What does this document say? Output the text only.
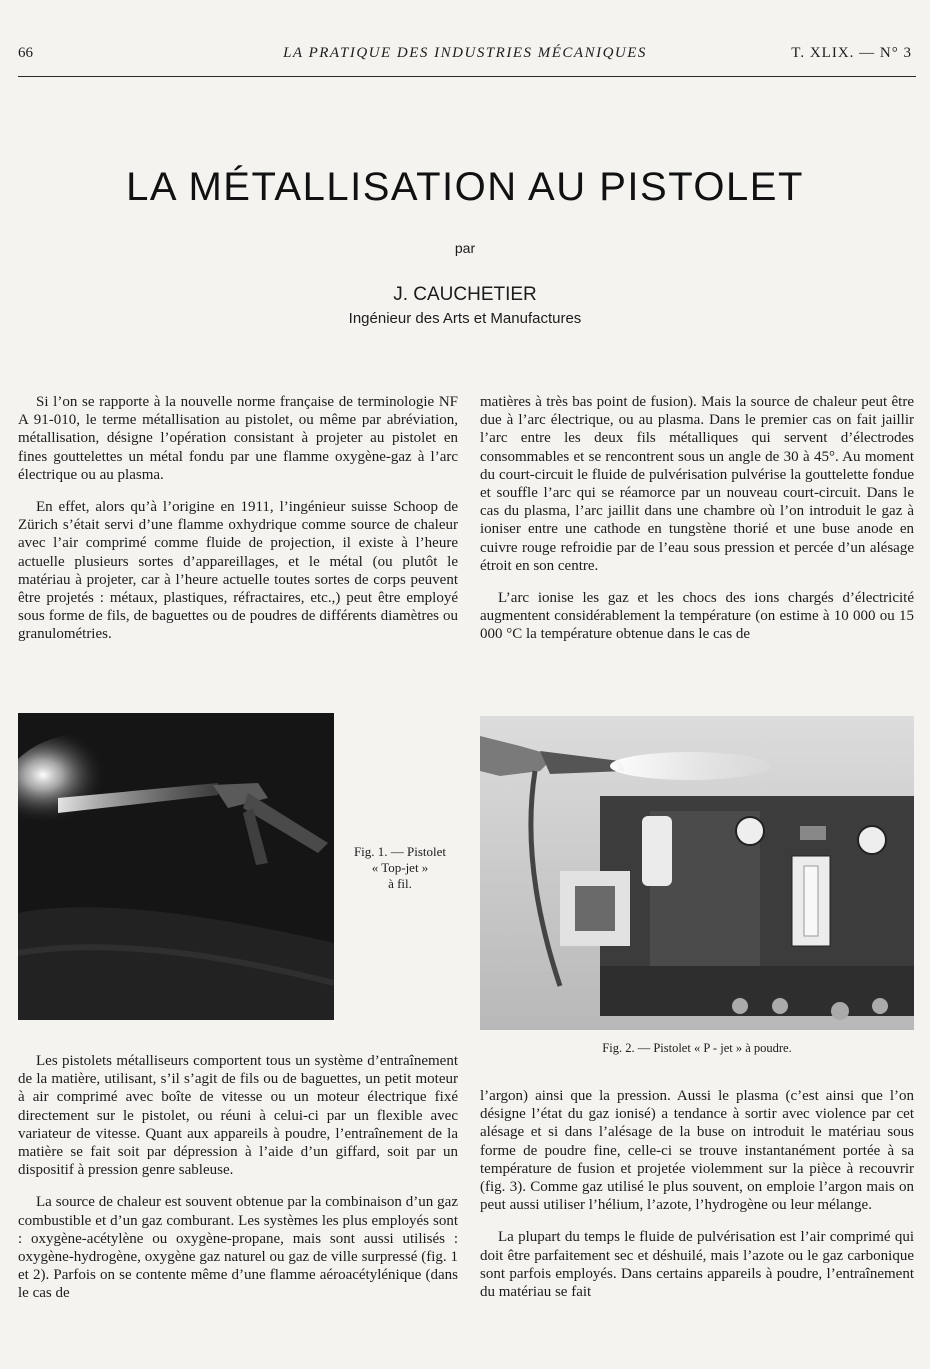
66	LA PRATIQUE DES INDUSTRIES MÉCANIQUES	T. XLIX. — N° 3
LA MÉTALLISATION AU PISTOLET
par
J. CAUCHETIER
Ingénieur des Arts et Manufactures

Si l’on se rapporte à la nouvelle norme française de terminologie NF A 91-010, le terme métallisation au pistolet, ou même par abréviation, métallisation, désigne l’opération consistant à projeter au pistolet en fines gouttelettes un métal fondu par une flamme oxygène-gaz à l’arc électrique ou au plasma.

En effet, alors qu’à l’origine en 1911, l’ingénieur suisse Schoop de Zürich s’était servi d’une flamme oxhydrique comme source de chaleur avec l’air comprimé comme fluide de projection, il existe à l’heure actuelle plusieurs sortes d’appareillages, et le métal (ou plutôt le matériau à projeter, car à l’heure actuelle toutes sortes de corps peuvent être projetés : métaux, plastiques, réfractaires, etc.,) peut être employé sous forme de fils, de baguettes ou de poudres de différents diamètres ou granulométries.

matières à très bas point de fusion). Mais la source de chaleur peut être due à l’arc électrique, ou au plasma. Dans le premier cas on fait jaillir l’arc entre les deux fils métalliques qui servent d’électrodes consommables et se rencontrent sous un angle de 30 à 45°. Au moment du court-circuit le fluide de pulvérisation pulvérise la gouttelette fondue et souffle l’arc qui se réamorce par un nouveau court-circuit. Dans le cas du plasma, l’arc jaillit dans une chambre où l’on introduit le gaz à ioniser entre une cathode en tungstène thorié et une buse anode en cuivre rouge refroidie par de l’eau sous pression et percée d’un alésage étroit en son centre.

L’arc ionise les gaz et les chocs des ions chargés d’électricité augmentent considérablement la température (on estime à 10 000 ou 15 000 °C la température obtenue dans le cas de

Fig. 1. — Pistolet
« Top-jet »
à fil.
Fig. 2. — Pistolet « P - jet » à poudre.

Les pistolets métalliseurs comportent tous un système d’entraînement de la matière, utilisant, s’il s’agit de fils ou de baguettes, un petit moteur à air comprimé avec boîte de vitesse ou un moteur électrique fixé directement sur le pistolet, ou réuni à celui-ci par un flexible avec variateur de vitesse. Quant aux appareils à poudre, l’entraînement de la matière se fait soit par dépression à l’aide d’un giffard, soit par un dispositif à pression genre sableuse.

La source de chaleur est souvent obtenue par la combinaison d’un gaz combustible et d’un gaz comburant. Les systèmes les plus employés sont : oxygène-acétylène ou oxygène-propane, mais sont aussi utilisés : oxygène-hydrogène, oxygène gaz naturel ou gaz de ville surpressé (fig. 1 et 2). Parfois on se contente même d’une flamme aéroacétylénique (dans le cas de

l’argon) ainsi que la pression. Aussi le plasma (c’est ainsi que l’on désigne l’état du gaz ionisé) a tendance à sortir avec violence par cet alésage et si dans l’alésage de la buse on introduit le matériau sous forme de poudre fine, celle-ci se trouve instantanément portée à sa température de fusion et projetée violemment sur la pièce à recouvrir (fig. 3). Comme gaz utilisé le plus souvent, on emploie l’argon mais on peut aussi utiliser l’hélium, l’azote, l’hydrogène ou leur mélange.

La plupart du temps le fluide de pulvérisation est l’air comprimé qui doit être parfaitement sec et déshuilé, mais l’azote ou le gaz carbonique sont parfois employés. Dans certains appareils à poudre, l’entraînement du matériau se fait
